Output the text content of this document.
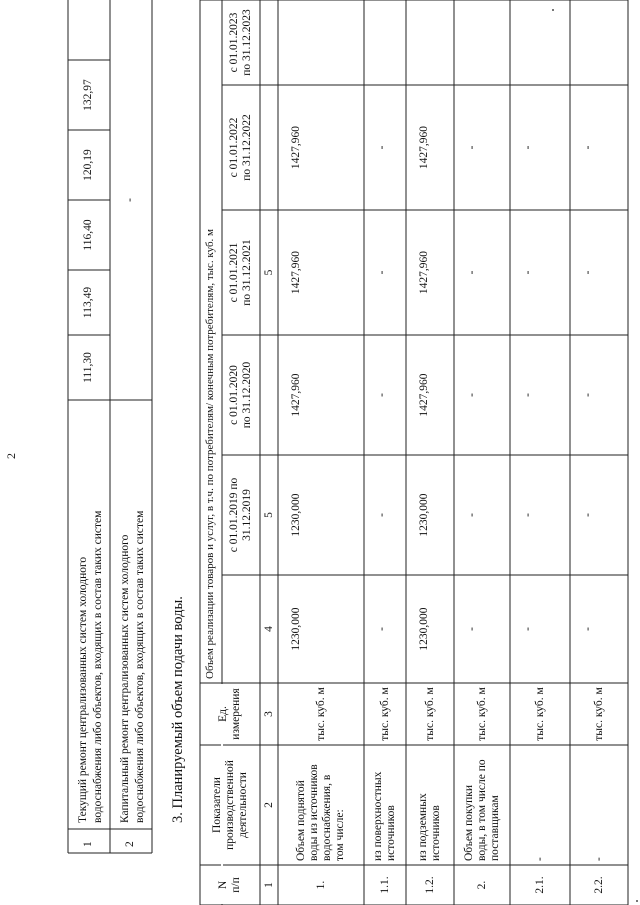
2
1
Текущий ремонт централизованных систем холодного водоснабжения либо объектов, входящих в состав таких систем
111,30
113,49
116,40
120,19
132,97
2
Капитальный ремонт централизованных систем холодного водоснабжения либо объектов, входящих в состав таких систем
-
3. Планируемый объем подачи воды.
N п/п
Показатели производственной деятельности
Ед. измерения
Объем реализации товаров и услуг, в т.ч. по потребителям/ конечным потребителям, тыс. куб. м с 01.01.2019 по 31.12.2019
с 01.01.2020 по 31.12.2020
с 01.01.2021 по 31.12.2021
с 01.01.2022 по 31.12.2022
с 01.01.2023 по 31.12.2023
1
2
3
4
5
5
1.
Объем поднятой воды из источников водоснабжения, в том числе:
тыс. куб. м
1230,000
1230,000
1427,960
1427,960
1427,960
1.1.
из поверхностных источников
тыс. куб. м
-
-
-
-
-
1.2.
из подземных источников
тыс. куб. м
1230,000
1230,000
1427,960
1427,960
1427,960
2.
Объем покупки воды, в том числе по поставщикам
тыс. куб. м
-
-
-
-
-
2.1.
-
тыс. куб. м
-
-
-
-
-
2.2.
-
тыс. куб. м
-
-
-
-
-
